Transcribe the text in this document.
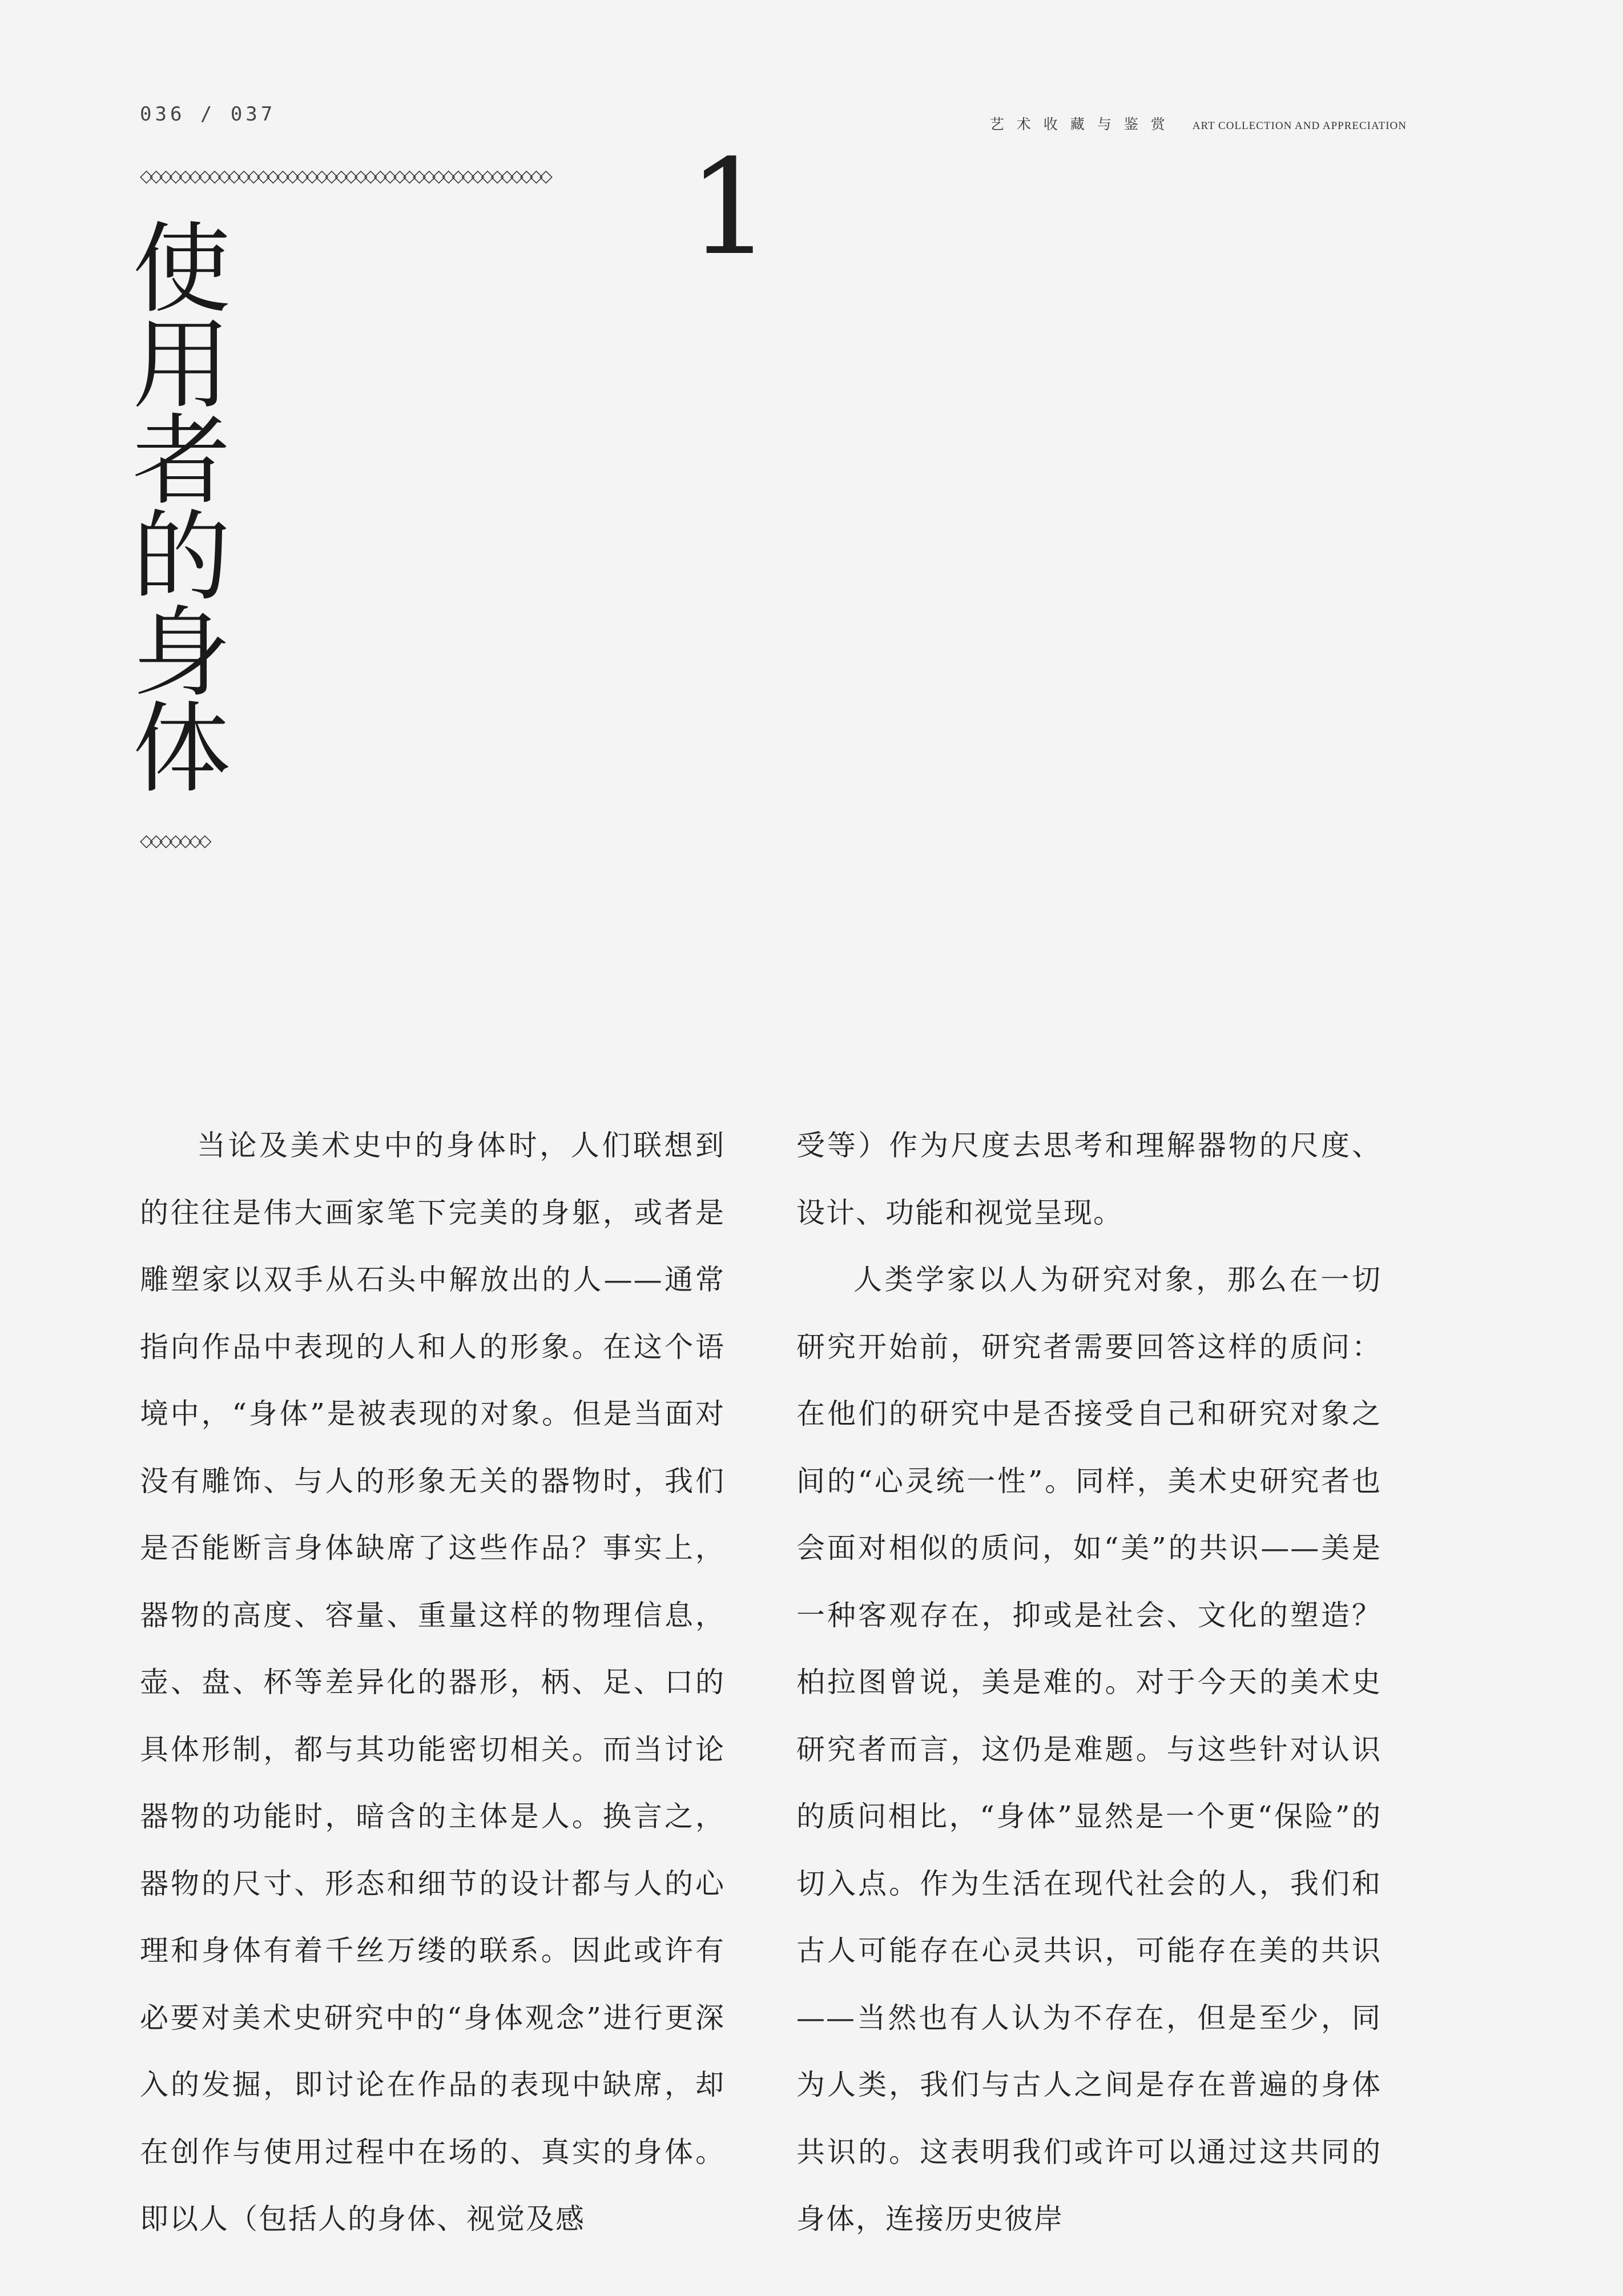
036 / 037	艺术收藏与鉴赏 ART COLLECTION AND APPRECIATION
◇◇◇◇◇◇◇◇◇◇◇◇◇◇◇◇◇◇◇◇◇◇◇◇◇◇◇◇◇◇◇◇◇◇◇◇◇◇◇◇◇◇ 1
使用者的身体
◇◇◇◇◇◇◇

当论及美术史中的身体时，人们联想到的往往是伟大画家笔下完美的身躯，或者是雕塑家以双手从石头中解放出的人——通常指向作品中表现的人和人的形象。在这个语境中，“身体”是被表现的对象。但是当面对没有雕饰、与人的形象无关的器物时，我们是否能断言身体缺席了这些作品？事实上，器物的高度、容量、重量这样的物理信息，壶、盘、杯等差异化的器形，柄、足、口的具体形制，都与其功能密切相关。而当讨论器物的功能时，暗含的主体是人。换言之，器物的尺寸、形态和细节的设计都与人的心理和身体有着千丝万缕的联系。因此或许有必要对美术史研究中的“身体观念”进行更深入的发掘，即讨论在作品的表现中缺席，却在创作与使用过程中在场的、真实的身体。即以人（包括人的身体、视觉及感

受等）作为尺度去思考和理解器物的尺度、设计、功能和视觉呈现。

人类学家以人为研究对象，那么在一切研究开始前，研究者需要回答这样的质问：在他们的研究中是否接受自己和研究对象之间的“心灵统一性”。同样，美术史研究者也会面对相似的质问，如“美”的共识——美是一种客观存在，抑或是社会、文化的塑造？柏拉图曾说，美是难的。对于今天的美术史研究者而言，这仍是难题。与这些针对认识的质问相比，“身体”显然是一个更“保险”的切入点。作为生活在现代社会的人，我们和古人可能存在心灵共识，可能存在美的共识——当然也有人认为不存在，但是至少，同为人类，我们与古人之间是存在普遍的身体共识的。这表明我们或许可以通过这共同的身体，连接历史彼岸
